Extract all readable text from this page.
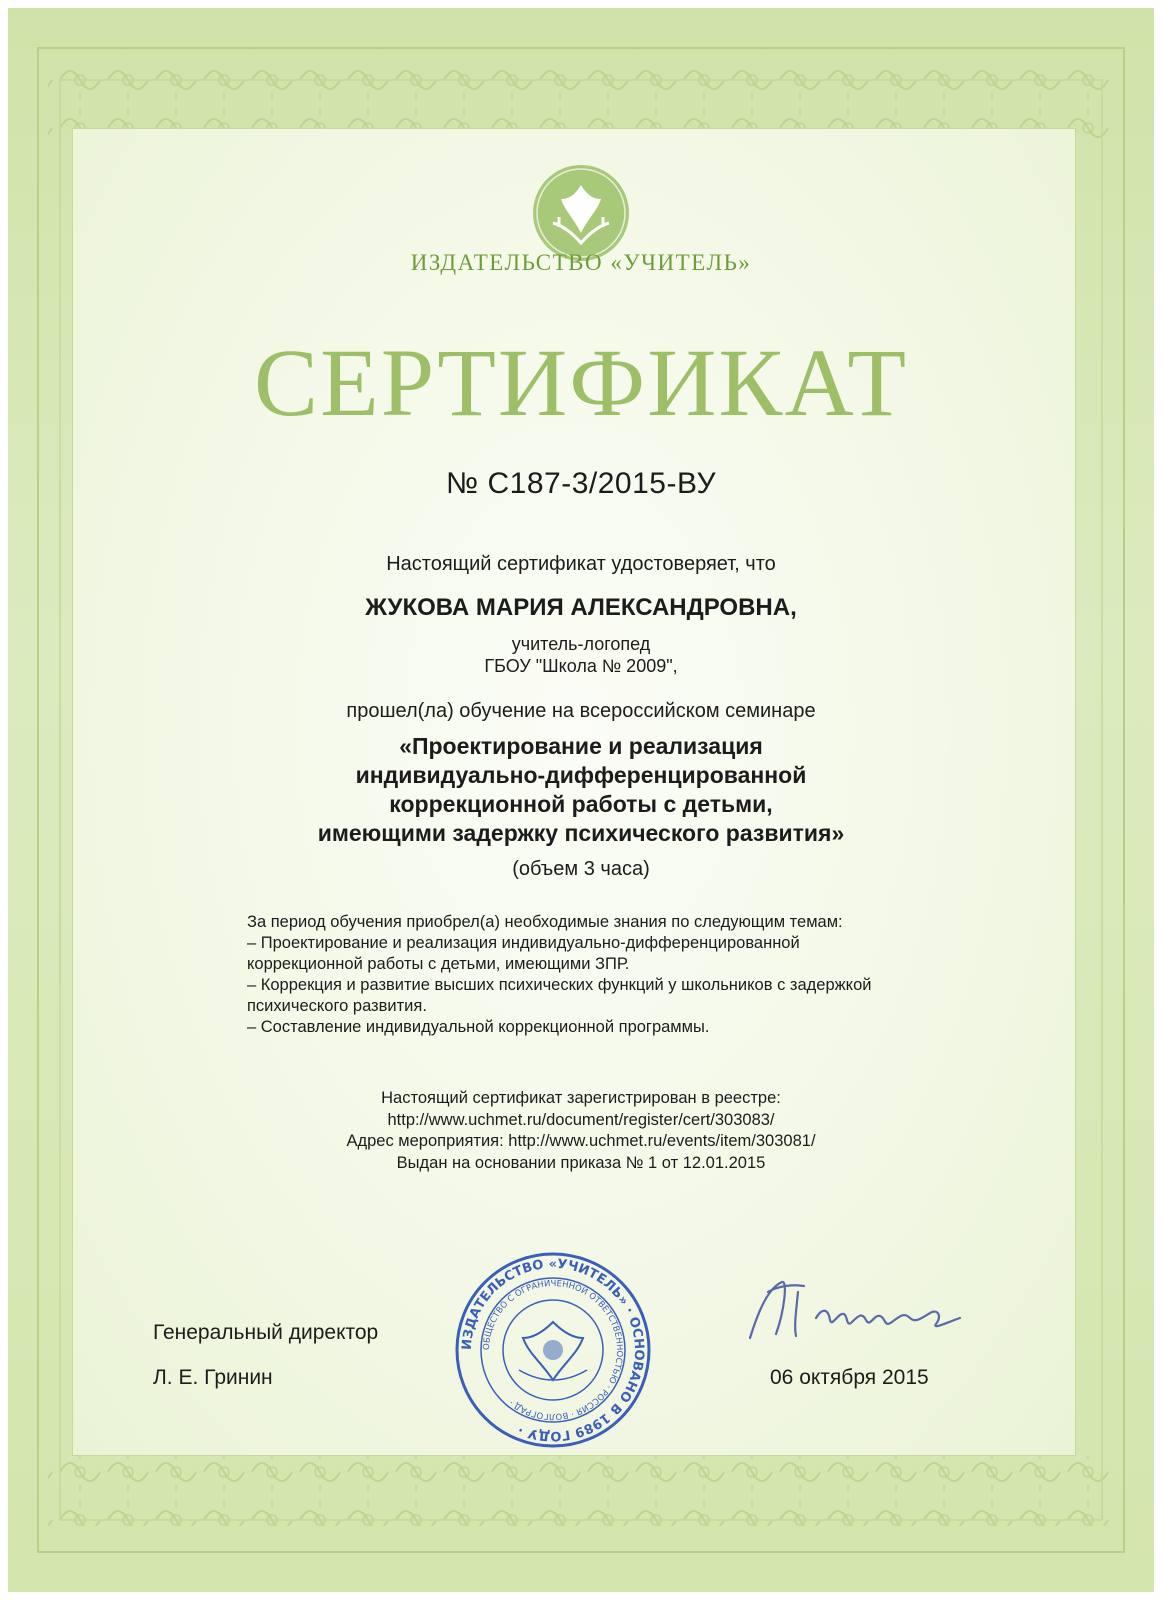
ИЗДАТЕЛЬСТВО «УЧИТЕЛЬ»
СЕРТИФИКАТ
№ С187-3/2015-ВУ
Настоящий сертификат удостоверяет, что
ЖУКОВА МАРИЯ АЛЕКСАНДРОВНА,
учитель-логопед
ГБОУ "Школа № 2009",
прошел(ла) обучение на всероссийском семинаре
«Проектирование и реализация
индивидуально-дифференцированной
коррекционной работы с детьми,
имеющими задержку психического развития»
(объем 3 часа)
За период обучения приобрел(а) необходимые знания по следующим темам:
– Проектирование и реализация индивидуально-дифференцированной
коррекционной работы с детьми, имеющими ЗПР.
– Коррекция и развитие высших психических функций у школьников с задержкой
психического развития.
– Составление индивидуальной коррекционной программы.
Настоящий сертификат зарегистрирован в реестре:
http://www.uchmet.ru/document/register/cert/303083/
Адрес мероприятия: http://www.uchmet.ru/events/item/303081/
Выдан на основании приказа № 1 от 12.01.2015
Генеральный директор
Л. Е. Гринин	06 октября 2015
ИЗДАТЕЛЬСТВО «УЧИТЕЛЬ» · ОСНОВАНО В 1989 ГОДУ ·
ОБЩЕСТВО С ОГРАНИЧЕННОЙ ОТВЕТСТВЕННОСТЬЮ · РОССИЯ · ВОЛГОГРАД ·
